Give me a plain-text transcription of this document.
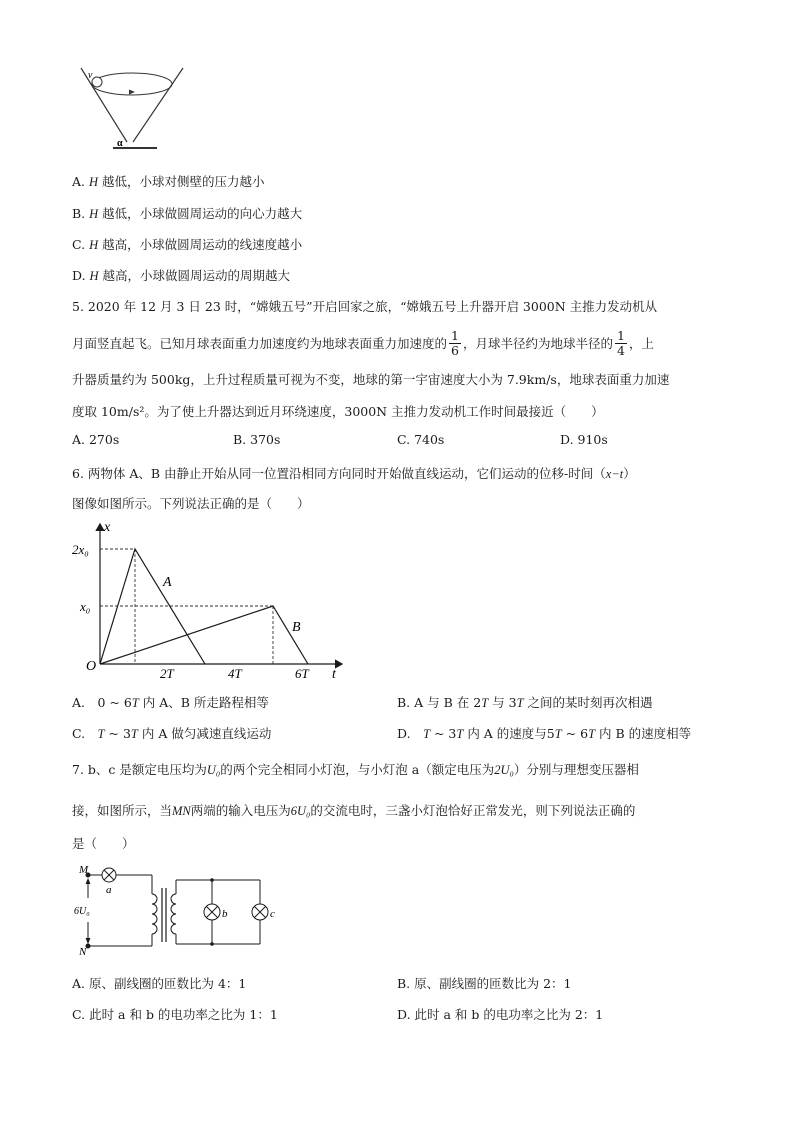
v
α
A. H 越低，小球对侧壁的压力越小
B. H 越低，小球做圆周运动的向心力越大
C. H 越高，小球做圆周运动的线速度越小
D. H 越高，小球做圆周运动的周期越大
5. 2020 年 12 月 3 日 23 时，“嫦娥五号”开启回家之旅，“嫦娥五号上升器开启 3000N 主推力发动机从
月面竖直起飞。已知月球表面重力加速度约为地球表面重力加速度的 $\frac{1}{6}$ ，月球半径约为地球半径的 $\frac{1}{4}$ ，上
升器质量约为 500kg，上升过程质量可视为不变，地球的第一宇宙速度大小为 7.9km/s，地球表面重力加速
度取 10m/s²。为了使上升器达到近月环绕速度，3000N 主推力发动机工作时间最接近（　　）
A. 270s	B. 370s	C. 740s	D. 910s
6. 两物体 A、B 由静止开始从同一位置沿相同方向同时开始做直线运动，它们运动的位移-时间（x−t）
图像如图所示。下列说法正确的是（　　）
x
t
O
2x₀
x₀
2T	4T	6T
A
B
A.　0 ~ 6T 内 A、B 所走路程相等	B. A 与 B 在 2T 与 3T 之间的某时刻再次相遇
C.　T ~ 3T 内 A 做匀减速直线运动	D.　T ~ 3T 内 A 的速度与5T ~ 6T 内 B 的速度相等
7. b、c 是额定电压均为U₀的两个完全相同小灯泡，与小灯泡 a（额定电压为2U₀）分别与理想变压器相
接，如图所示，当MN两端的输入电压为6U₀的交流电时，三盏小灯泡恰好正常发光，则下列说法正确的
是（　　）
M
N
6U₀
a
b	c
A. 原、副线圈的匝数比为 4：1	B. 原、副线圈的匝数比为 2：1
C. 此时 a 和 b 的电功率之比为 1：1	D. 此时 a 和 b 的电功率之比为 2：1
